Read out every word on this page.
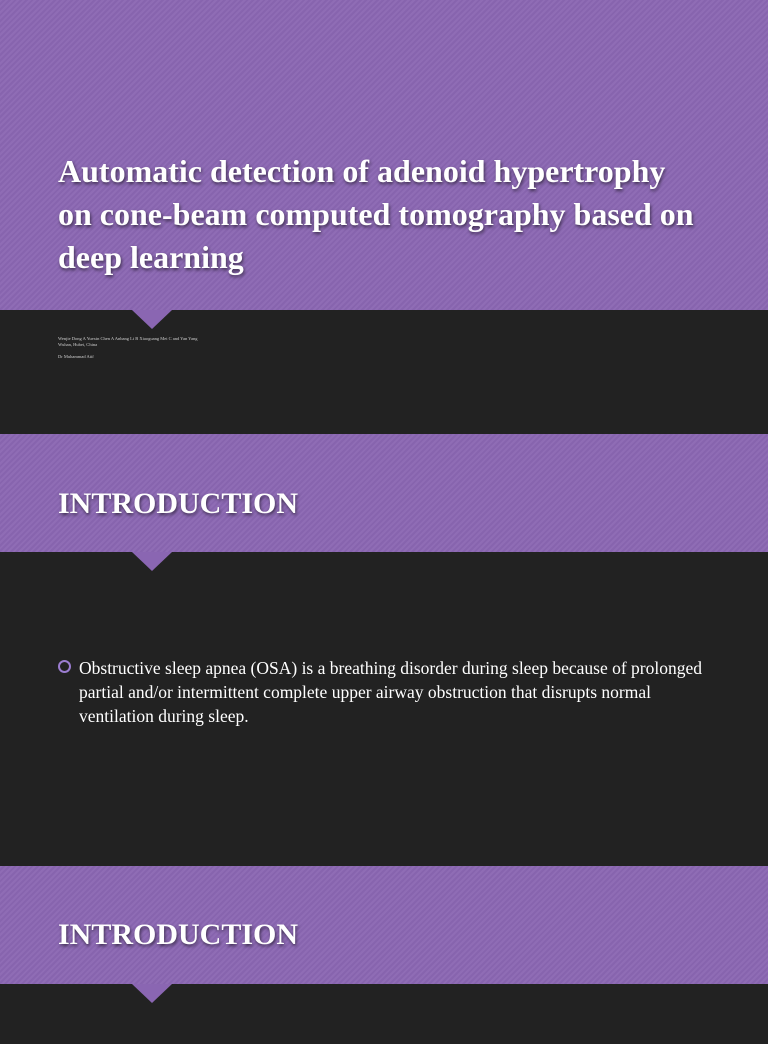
Automatic detection of adenoid hypertrophy on cone-beam computed tomography based on deep learning

Wenjie Dong A Yuexin Chen A Anbang Li B Xiaoguang Mei C and Yan Yang

Wuhan, Hubei, China

Dr Muhammad Atif

INTRODUCTION
Obstructive sleep apnea (OSA) is a breathing disorder during sleep because of prolonged partial and/or intermittent complete upper airway obstruction that disrupts normal ventilation during sleep.
INTRODUCTION
